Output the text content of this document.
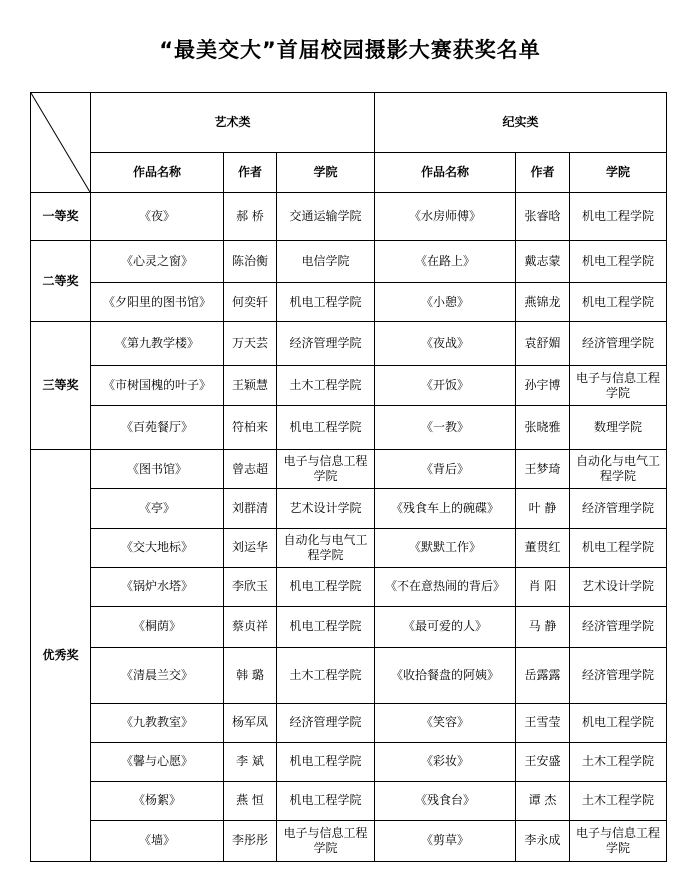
“最美交大”首届校园摄影大赛获奖名单
	艺术类			纪实类		
	作品名称	作者	学院	作品名称	作者	学院
一等奖	《夜》	郝 桥	交通运输学院	《水房师傅》	张睿晗	机电工程学院
二等奖	《心灵之窗》	陈治衡	电信学院	《在路上》	戴志蒙	机电工程学院
	《夕阳里的图书馆》	何奕轩	机电工程学院	《小憩》	燕锦龙	机电工程学院
三等奖	《第九教学楼》	万天芸	经济管理学院	《夜战》	袁舒媚	经济管理学院
	《市树国槐的叶子》	王颖慧	土木工程学院	《开饭》	孙宇博	电子与信息工程学院
	《百苑餐厅》	符柏来	机电工程学院	《一教》	张晓雅	数理学院
优秀奖	《图书馆》	曾志超	电子与信息工程学院	《背后》	王梦琦	自动化与电气工程学院
	《亭》	刘群清	艺术设计学院	《残食车上的碗碟》	叶 静	经济管理学院
	《交大地标》	刘运华	自动化与电气工程学院	《默默工作》	董贯红	机电工程学院
	《锅炉水塔》	李欣玉	机电工程学院	《不在意热闹的背后》	肖 阳	艺术设计学院
	《桐荫》	蔡贞祥	机电工程学院	《最可爱的人》	马 静	经济管理学院
	《清晨兰交》	韩 璐	土木工程学院	《收拾餐盘的阿姨》	岳露露	经济管理学院
	《九教教室》	杨军凤	经济管理学院	《笑容》	王雪莹	机电工程学院
	《馨与心愿》	李 斌	机电工程学院	《彩妆》	王安盛	土木工程学院
	《杨絮》	燕 恒	机电工程学院	《残食台》	谭 杰	土木工程学院
	《墙》	李彤彤	电子与信息工程学院	《剪草》	李永成	电子与信息工程学院
